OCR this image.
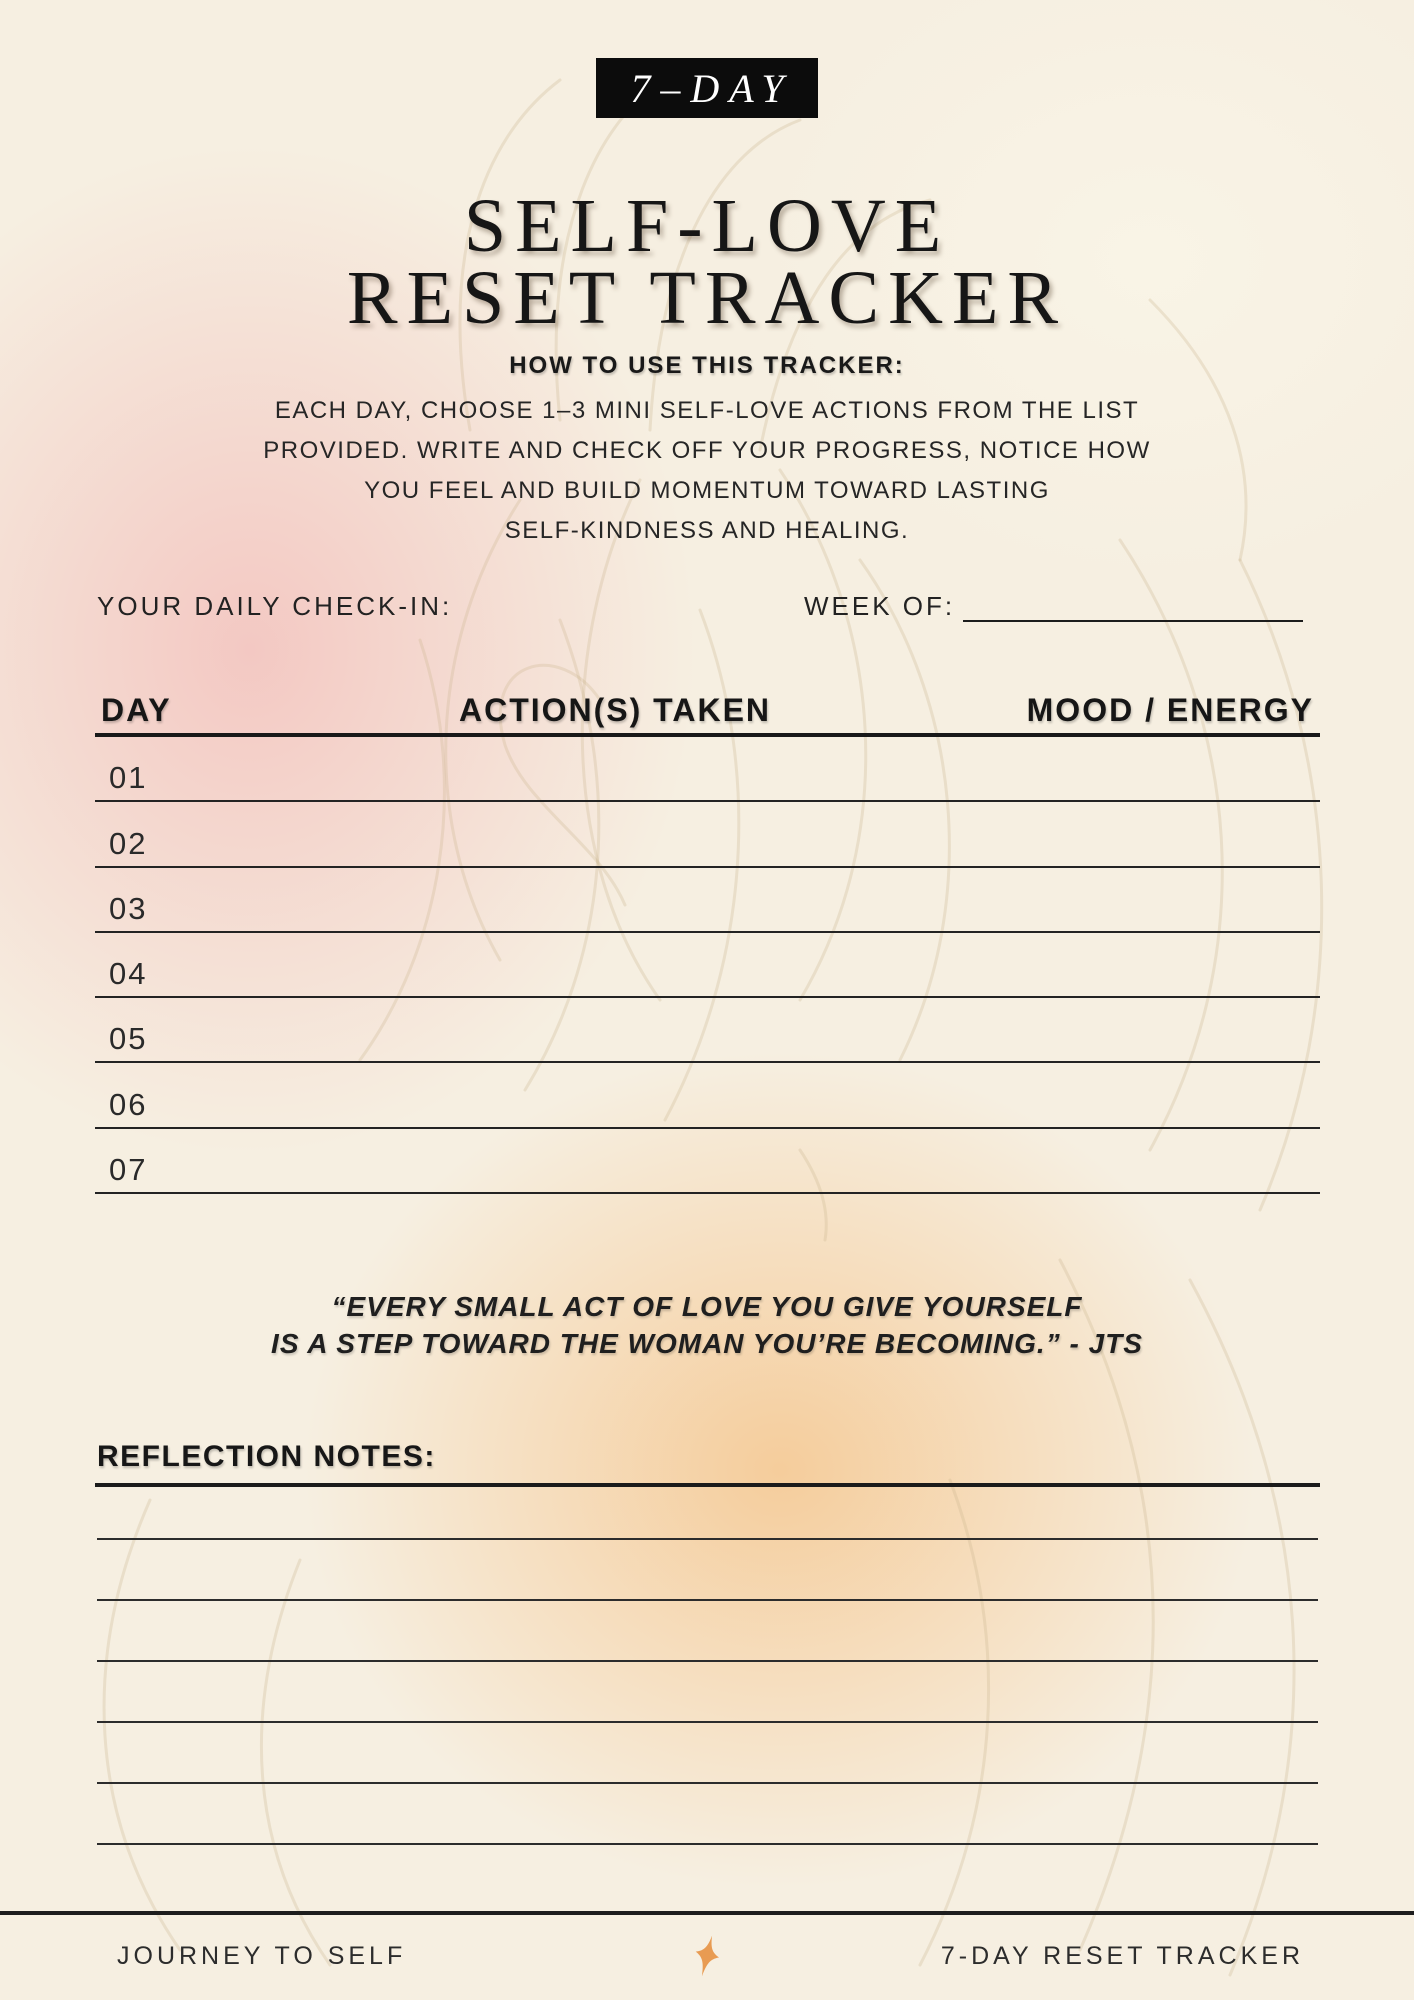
7–DAY
SELF-LOVE
RESET TRACKER
HOW TO USE THIS TRACKER:
EACH DAY, CHOOSE 1–3 MINI SELF-LOVE ACTIONS FROM THE LIST
PROVIDED. WRITE AND CHECK OFF YOUR PROGRESS, NOTICE HOW
YOU FEEL AND BUILD MOMENTUM TOWARD LASTING
SELF-KINDNESS AND HEALING.
YOUR DAILY CHECK-IN:	WEEK OF:
DAY	ACTION(S) TAKEN	MOOD / ENERGY
01
02
03
04
05
06
07
“EVERY SMALL ACT OF LOVE YOU GIVE YOURSELF
IS A STEP TOWARD THE WOMAN YOU’RE BECOMING.” - JTS
REFLECTION NOTES:
JOURNEY TO SELF	7-DAY RESET TRACKER
